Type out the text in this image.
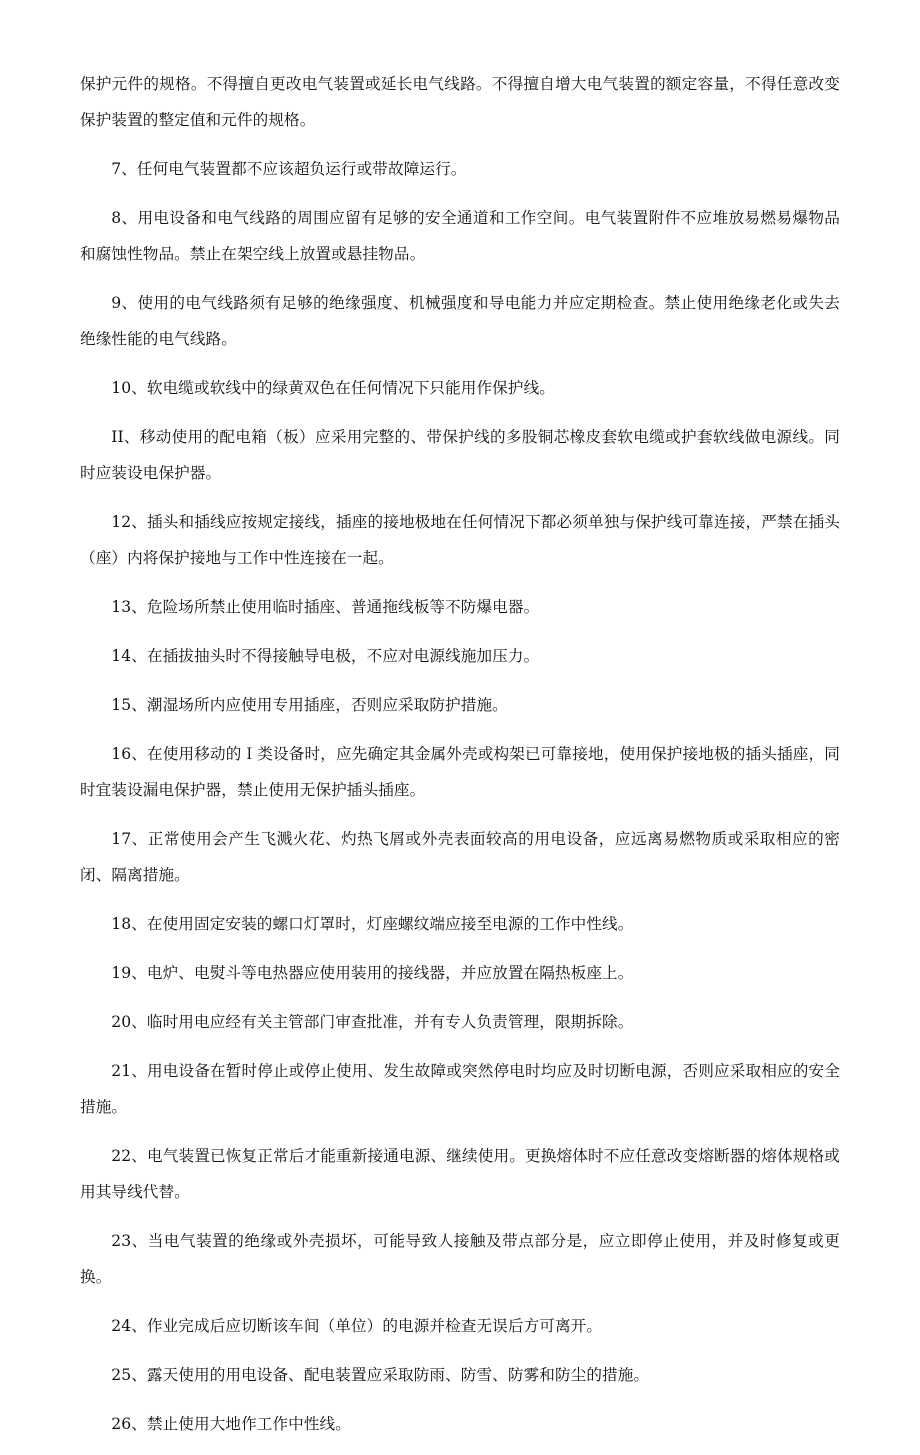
保护元件的规格。不得擅自更改电气装置或延长电气线路。不得擅自增大电气装置的额定容量，不得任意改变保护装置的整定值和元件的规格。

7、任何电气装置都不应该超负运行或带故障运行。

8、用电设备和电气线路的周围应留有足够的安全通道和工作空间。电气装置附件不应堆放易燃易爆物品和腐蚀性物品。禁止在架空线上放置或悬挂物品。

9、使用的电气线路须有足够的绝缘强度、机械强度和导电能力并应定期检查。禁止使用绝缘老化或失去绝缘性能的电气线路。

10、软电缆或软线中的绿黄双色在任何情况下只能用作保护线。

II、移动使用的配电箱（板）应采用完整的、带保护线的多股铜芯橡皮套软电缆或护套软线做电源线。同时应装设电保护器。

12、插头和插线应按规定接线，插座的接地极地在任何情况下都必须单独与保护线可靠连接，严禁在插头（座）内将保护接地与工作中性连接在一起。

13、危险场所禁止使用临时插座、普通拖线板等不防爆电器。

14、在插拔抽头时不得接触导电极，不应对电源线施加压力。

15、潮湿场所内应使用专用插座，否则应采取防护措施。

16、在使用移动的Ｉ类设备时，应先确定其金属外壳或构架已可靠接地，使用保护接地极的插头插座，同时宜装设漏电保护器，禁止使用无保护插头插座。

17、正常使用会产生飞溅火花、灼热飞屑或外壳表面较高的用电设备，应远离易燃物质或采取相应的密闭、隔离措施。

18、在使用固定安装的螺口灯罩时，灯座螺纹端应接至电源的工作中性线。

19、电炉、电熨斗等电热器应使用装用的接线器，并应放置在隔热板座上。

20、临时用电应经有关主管部门审查批准，并有专人负责管理，限期拆除。

21、用电设备在暂时停止或停止使用、发生故障或突然停电时均应及时切断电源，否则应采取相应的安全措施。

22、电气装置已恢复正常后才能重新接通电源、继续使用。更换熔体时不应任意改变熔断器的熔体规格或用其导线代替。

23、当电气装置的绝缘或外壳损坏，可能导致人接触及带点部分是，应立即停止使用，并及时修复或更换。

24、作业完成后应切断该车间（单位）的电源并检查无误后方可离开。

25、露天使用的用电设备、配电装置应采取防雨、防雪、防雾和防尘的措施。

26、禁止使用大地作工作中性线。
